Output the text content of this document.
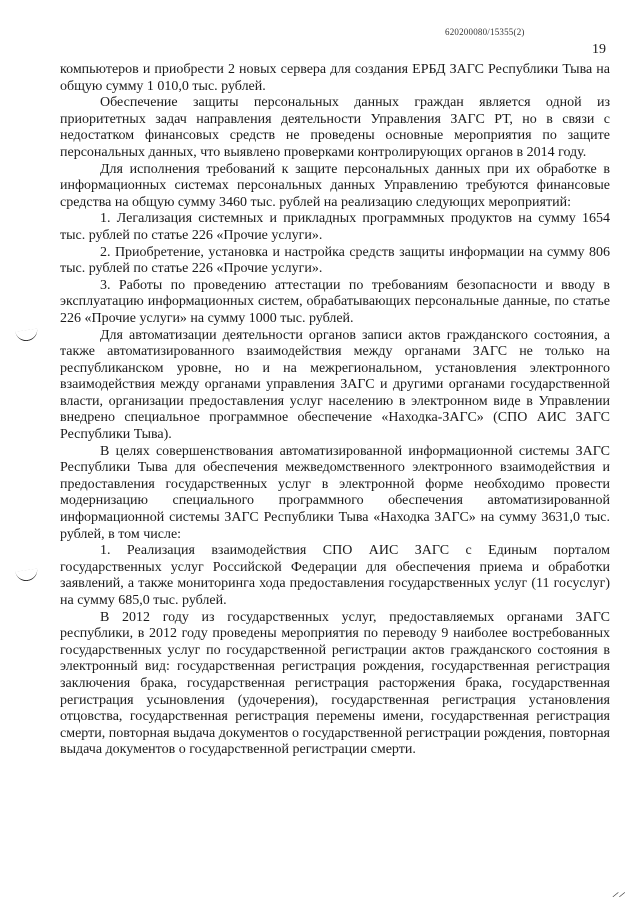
620200080/15355(2)
19

компьютеров и приобрести 2 новых сервера для создания ЕРБД ЗАГС Республики Тыва на общую сумму 1 010,0 тыс. рублей.

Обеспечение защиты персональных данных граждан является одной из приоритетных задач направления деятельности Управления ЗАГС РТ, но в связи с недостатком финансовых средств не проведены основные мероприятия по защите персональных данных, что выявлено проверками контролирующих органов в 2014 году.

Для исполнения требований к защите персональных данных при их обработке в информационных системах персональных данных Управлению требуются финансовые средства на общую сумму 3460 тыс. рублей на реализацию следующих мероприятий:

1. Легализация системных и прикладных программных продуктов на сумму 1654 тыс. рублей по статье 226 «Прочие услуги».

2. Приобретение, установка и настройка средств защиты информации на сумму 806 тыс. рублей по статье 226 «Прочие услуги».

3. Работы по проведению аттестации по требованиям безопасности и вводу в эксплуатацию информационных систем, обрабатывающих персональные данные, по статье 226 «Прочие услуги» на сумму 1000 тыс. рублей.

Для автоматизации деятельности органов записи актов гражданского состояния, а также автоматизированного взаимодействия между органами ЗАГС не только на республиканском уровне, но и на межрегиональном, установления электронного взаимодействия между органами управления ЗАГС и другими органами государственной власти, организации предоставления услуг населению в электронном виде в Управлении внедрено специальное программное обеспечение «Находка-ЗАГС» (СПО АИС ЗАГС Республики Тыва).

В целях совершенствования автоматизированной информационной системы ЗАГС Республики Тыва для обеспечения межведомственного электронного взаимодействия и предоставления государственных услуг в электронной форме необходимо провести модернизацию специального программного обеспечения автоматизированной информационной системы ЗАГС Республики Тыва «Находка ЗАГС» на сумму 3631,0 тыс. рублей, в том числе:

1. Реализация взаимодействия СПО АИС ЗАГС с Единым порталом государственных услуг Российской Федерации для обеспечения приема и обработки заявлений, а также мониторинга хода предоставления государственных услуг (11 госуслуг) на сумму 685,0 тыс. рублей.

В 2012 году из государственных услуг, предоставляемых органами ЗАГС республики, в 2012 году проведены мероприятия по переводу 9 наиболее востребованных государственных услуг по государственной регистрации актов гражданского состояния в электронный вид: государственная регистрация рождения, государственная регистрация заключения брака, государственная регистрация расторжения брака, государственная регистрация усыновления (удочерения), государственная регистрация установления отцовства, государственная регистрация перемены имени, государственная регистрация смерти, повторная выдача документов о государственной регистрации рождения, повторная выдача документов о государственной регистрации смерти.

⸝⸝
